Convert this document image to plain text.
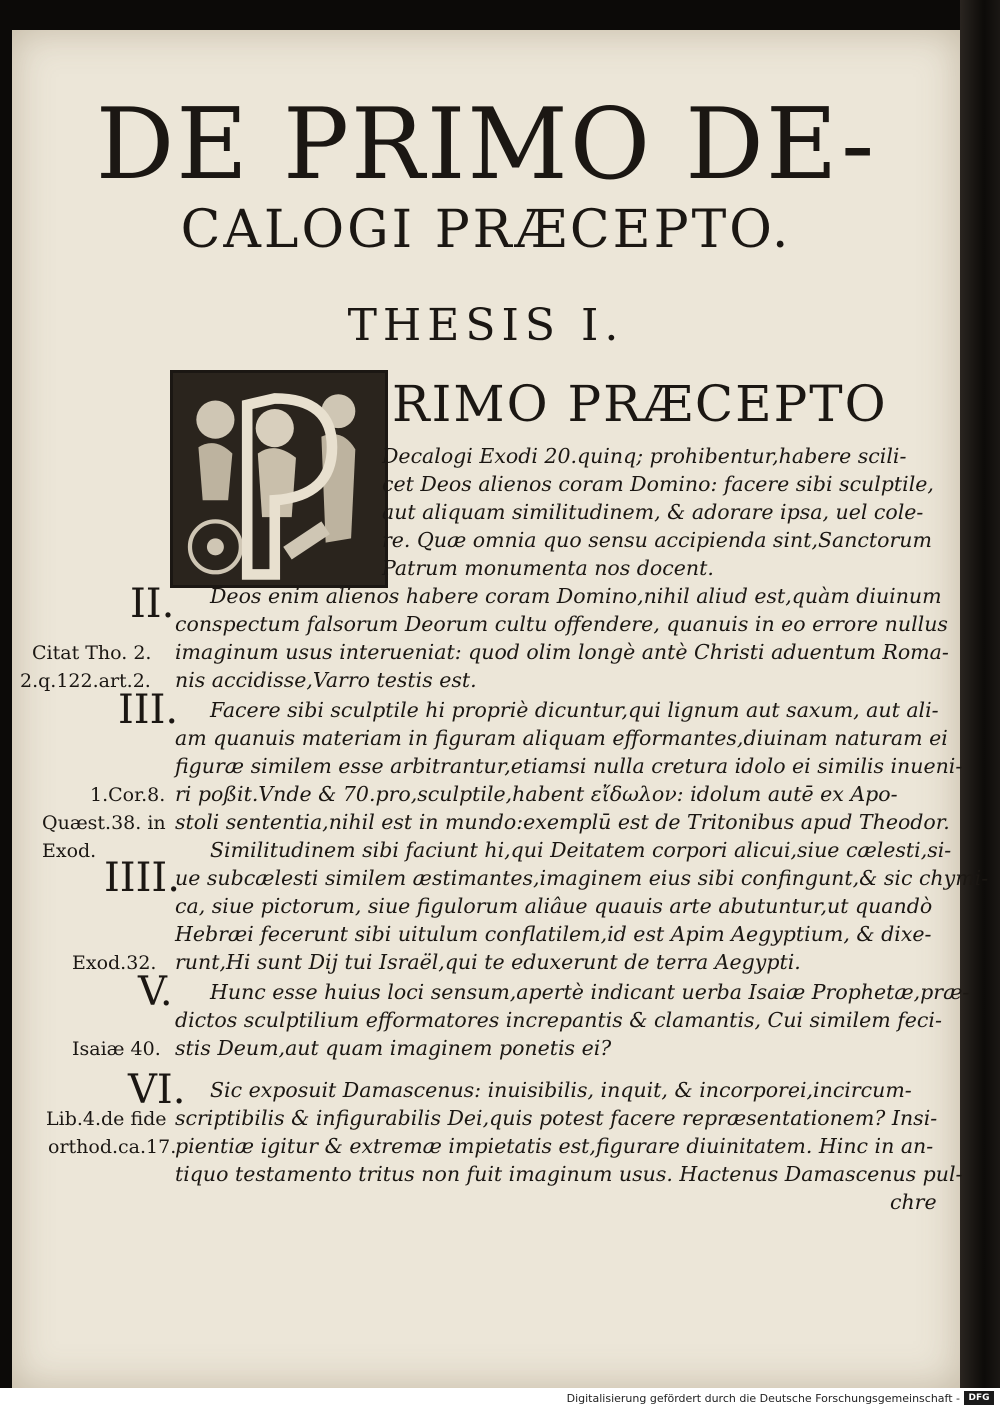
DE PRIMO DE-
CALOGI PRÆCEPTO.
THESIS I.
RIMO PRÆCEPTO
Decalogi Exodi 20.quinq; prohibentur,habere scili-
cet Deos alienos coram Domino: facere sibi sculptile,
aut aliquam similitudinem, & adorare ipsa, uel cole-
re. Quæ omnia quo sensu accipienda sint,Sanctorum
Patrum monumenta nos docent.
II. Deos enim alienos habere coram Domino,nihil aliud est,quàm diuinum
conspectum falsorum Deorum cultu offendere, quanuis in eo errore nullus
Citat Tho. 2. imaginum usus interueniat: quod olim longè antè Christi aduentum Roma-
2.q.122.art.2. nis accidisse,Varro testis est.
III. Facere sibi sculptile hi propriè dicuntur,qui lignum aut saxum, aut ali-
am quanuis materiam in figuram aliquam efformantes,diuinam naturam ei
figuræ similem esse arbitrantur,etiamsi nulla cretura idolo ei similis inueni-
1.Cor.8. ri poßit.Vnde & 70.pro,sculptile,habent εἴδωλον: idolum autē ex Apo-
Quæst.38. in stoli sententia,nihil est in mundo:exemplū est de Tritonibus apud Theodor.
Exod.
IIII.
Similitudinem sibi faciunt hi,qui Deitatem corpori alicui,siue cælesti,si-
ue subcælesti similem æstimantes,imaginem eius sibi confingunt,& sic chymi-
ca, siue pictorum, siue figulorum aliâue quauis arte abutuntur,ut quandò
Hebræi fecerunt sibi uitulum conflatilem,id est Apim Aegyptium, & dixe-
Exod.32. runt,Hi sunt Dij tui Israël,qui te eduxerunt de terra Aegypti.
V. Hunc esse huius loci sensum,apertè indicant uerba Isaiæ Prophetæ,præ-
dictos sculptilium efformatores increpantis & clamantis, Cui similem feci-
Isaiæ 40. stis Deum,aut quam imaginem ponetis ei?
VI. Sic exposuit Damascenus: inuisibilis, inquit, & incorporei,incircum-
Lib.4.de fide scriptibilis & infigurabilis Dei,quis potest facere repræsentationem? Insi-
orthod.ca.17.
pientiæ igitur & extremæ impietatis est,figurare diuinitatem. Hinc in an-
tiquo testamento tritus non fuit imaginum usus. Hactenus Damascenus pul-
chre
Digitalisierung gefördert durch die Deutsche Forschungsgemeinschaft - DFG
